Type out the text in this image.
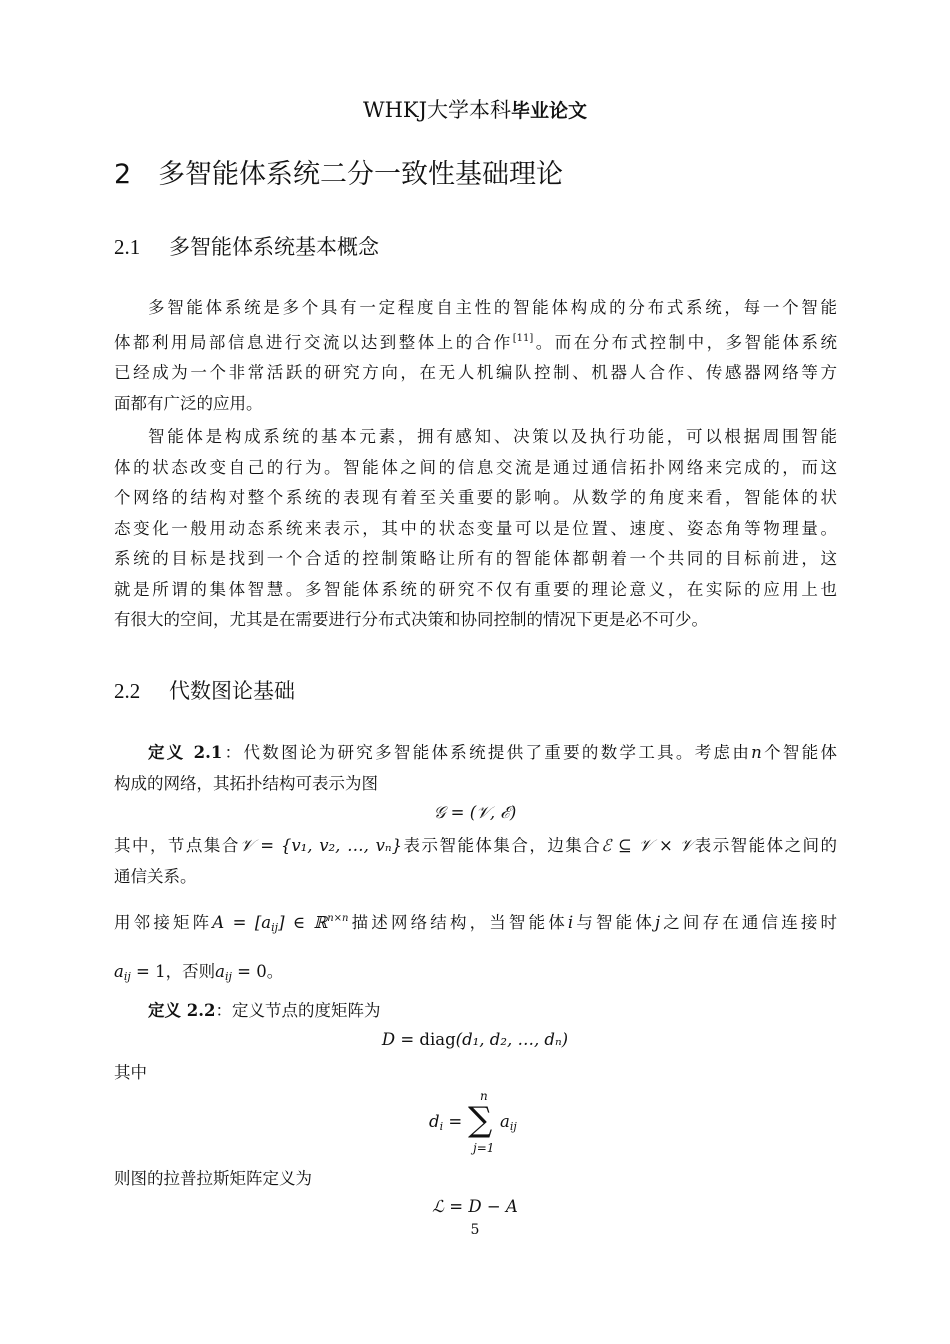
WHKJ大学本科毕业论文
2 多智能体系统二分一致性基础理论
2.1 多智能体系统基本概念

多智能体系统是多个具有一定程度自主性的智能体构成的分布式系统，每一个智能

体都利用局部信息进行交流以达到整体上的合作[11]。而在分布式控制中，多智能体系统

已经成为一个非常活跃的研究方向，在无人机编队控制、机器人合作、传感器网络等方

面都有广泛的应用。

智能体是构成系统的基本元素，拥有感知、决策以及执行功能，可以根据周围智能

体的状态改变自己的行为。智能体之间的信息交流是通过通信拓扑网络来完成的，而这

个网络的结构对整个系统的表现有着至关重要的影响。从数学的角度来看，智能体的状

态变化一般用动态系统来表示，其中的状态变量可以是位置、速度、姿态角等物理量。

系统的目标是找到一个合适的控制策略让所有的智能体都朝着一个共同的目标前进，这

就是所谓的集体智慧。多智能体系统的研究不仅有重要的理论意义，在实际的应用上也

有很大的空间，尤其是在需要进行分布式决策和协同控制的情况下更是必不可少。

2.2 代数图论基础

定义 2.1：代数图论为研究多智能体系统提供了重要的数学工具。考虑由n个智能体

构成的网络，其拓扑结构可表示为图

𝒢 = (𝒱, ℰ)

其中，节点集合𝒱 = {v₁, v₂, …, vₙ}表示智能体集合，边集合ℰ ⊆ 𝒱 × 𝒱表示智能体之间的

通信关系。

用邻接矩阵$A = [a_{ij}]$ ∈ ℝ$^{n\times n}$描述网络结构，当智能体i与智能体j之间存在通信连接时

$a_{ij} = 1$，否则$a_{ij} = 0$。
定义 2.2：定义节点的度矩阵为
D = diag(d₁, d₂, …, dₙ)
其中
n
$d_i$ = ∑ $a_{ij}$
j=1
则图的拉普拉斯矩阵定义为
ℒ = D − A
5
